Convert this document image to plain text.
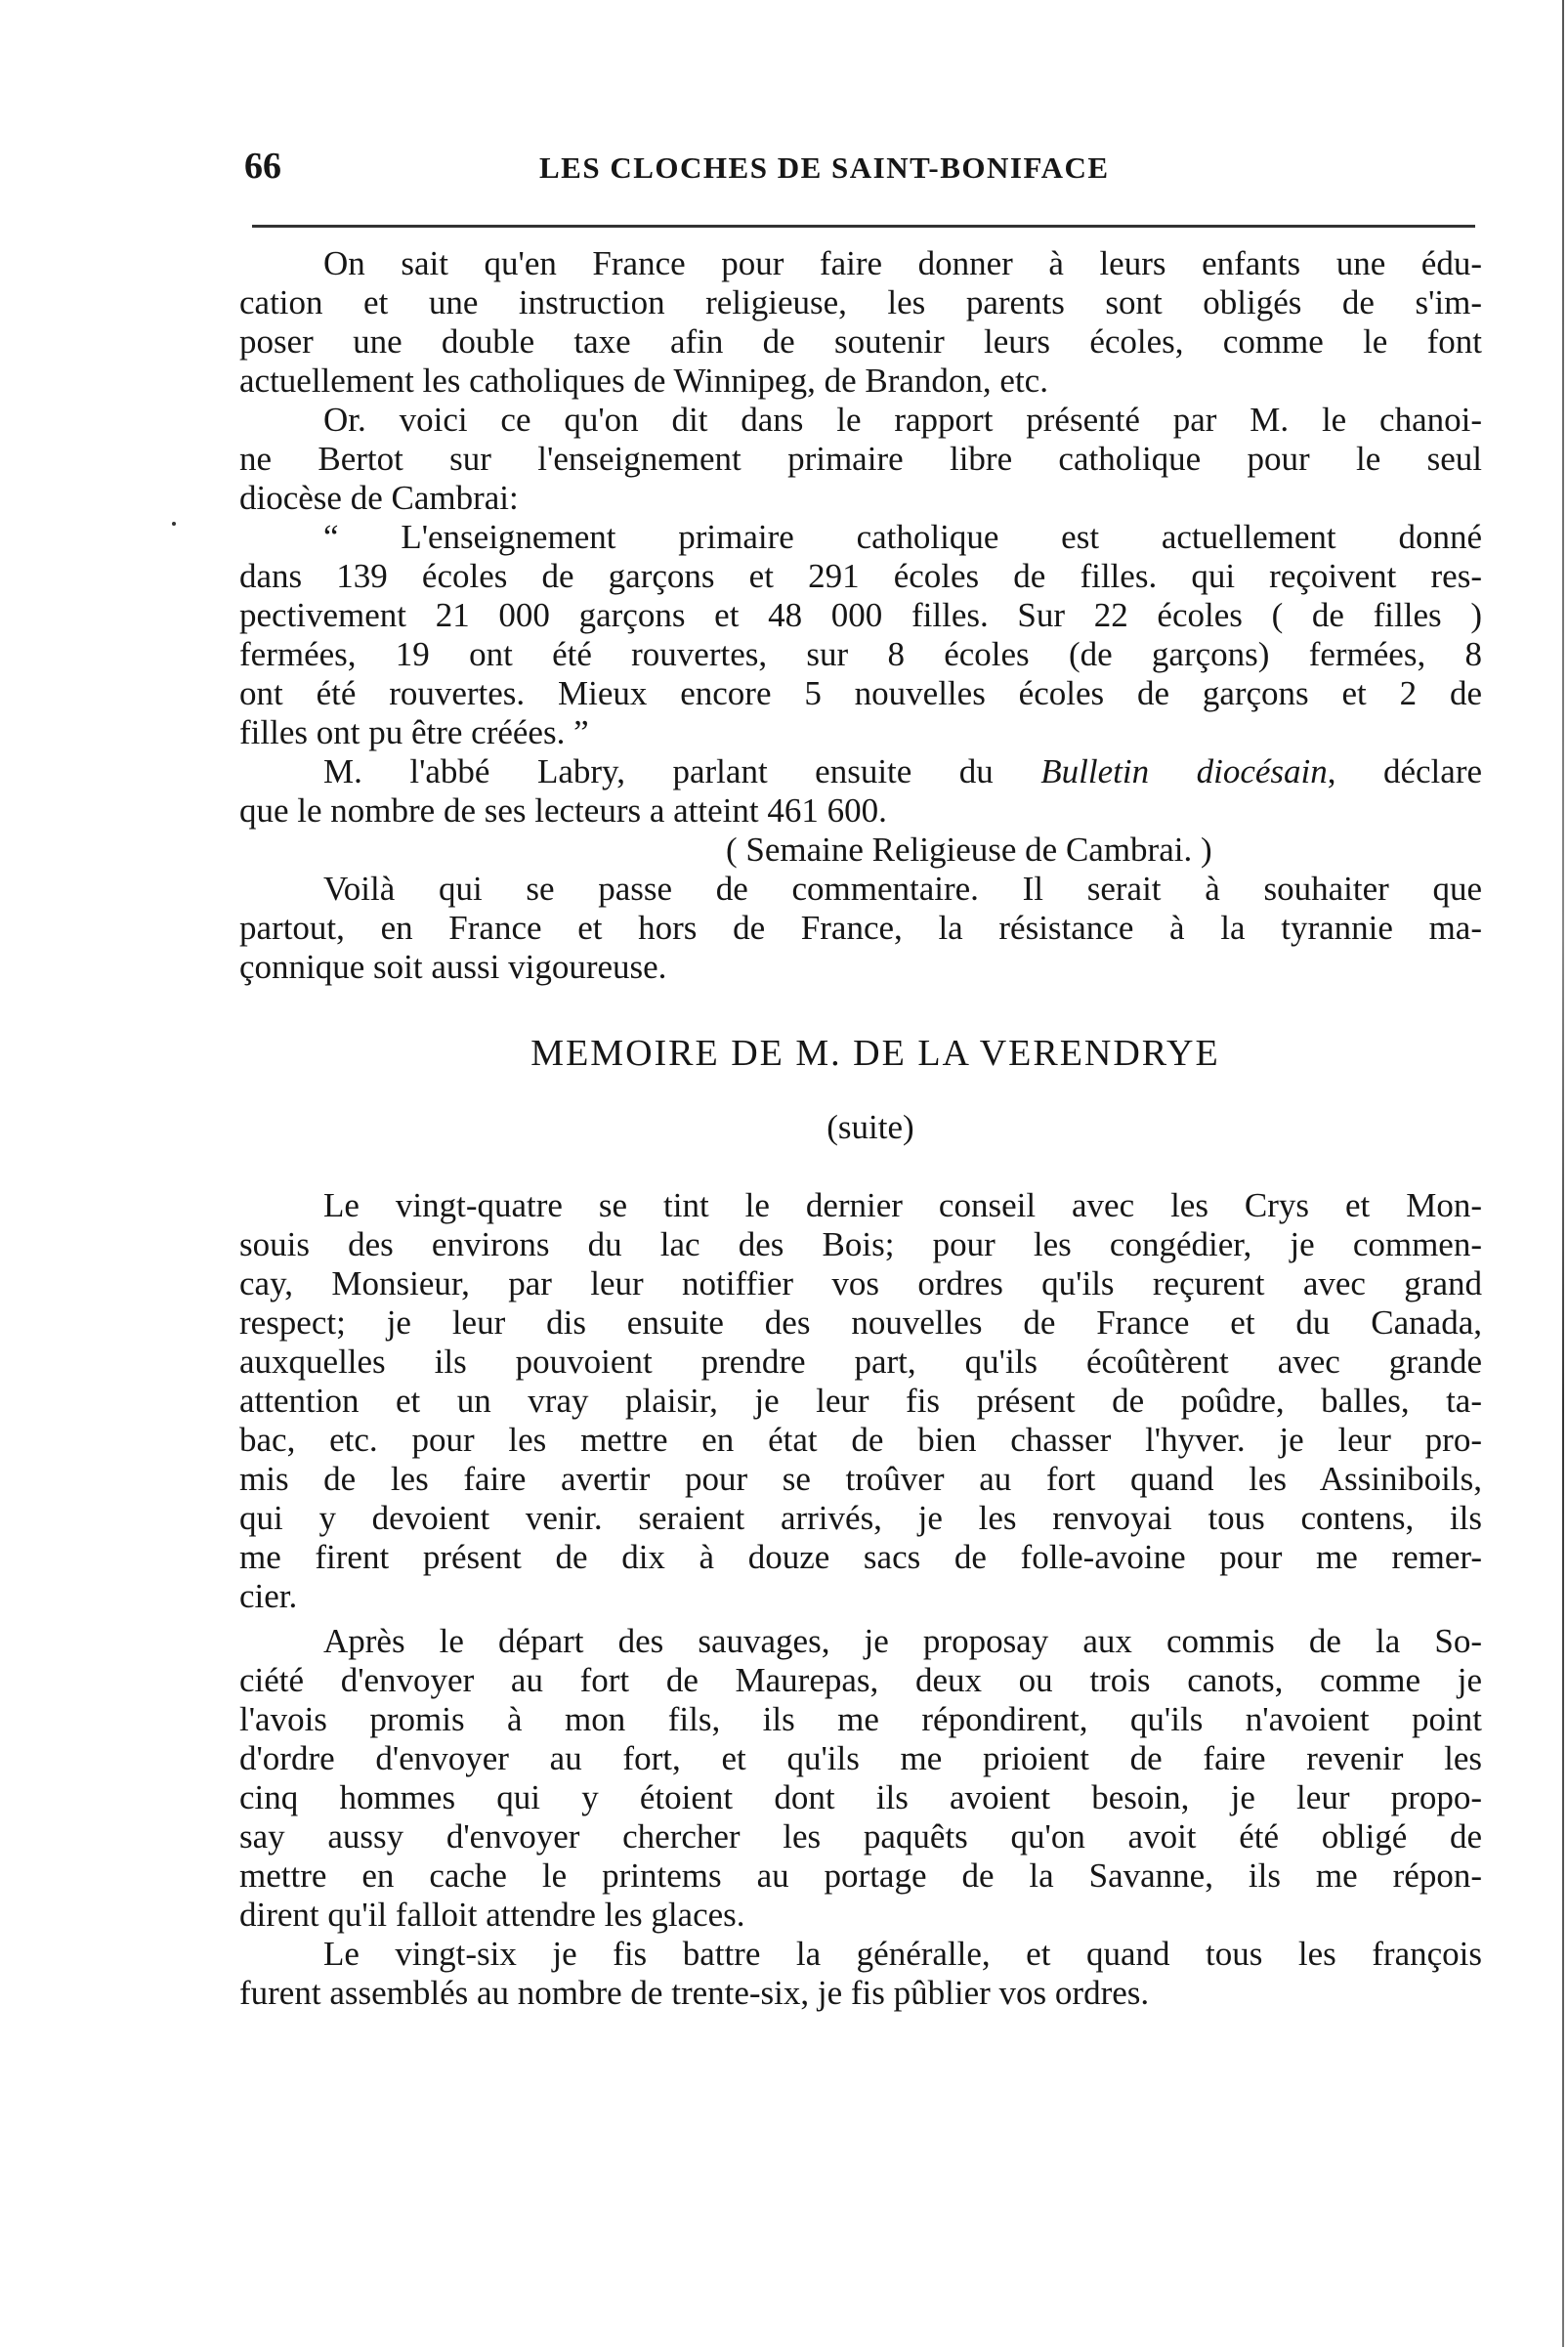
66	LES CLOCHES DE SAINT-BONIFACE
On sait qu'en France pour faire donner à leurs enfants une édu-
cation et une instruction religieuse, les parents sont obligés de s'im-
poser une double taxe afin de soutenir leurs écoles, comme le font
actuellement les catholiques de Winnipeg, de Brandon, etc.
Or. voici ce qu'on dit dans le rapport présenté par M. le chanoi-
ne Bertot sur l'enseignement primaire libre catholique pour le seul
diocèse de Cambrai:
“ L'enseignement primaire catholique est actuellement donné
dans 139 écoles de garçons et 291 écoles de filles. qui reçoivent res-
pectivement 21 000 garçons et 48 000 filles. Sur 22 écoles ( de filles )
fermées, 19 ont été rouvertes, sur 8 écoles (de garçons) fermées, 8
ont été rouvertes. Mieux encore 5 nouvelles écoles de garçons et 2 de
filles ont pu être créées. ”
M. l'abbé Labry, parlant ensuite du Bulletin diocésain, déclare
que le nombre de ses lecteurs a atteint 461 600.
( Semaine Religieuse de Cambrai. )
Voilà qui se passe de commentaire. Il serait à souhaiter que
partout, en France et hors de France, la résistance à la tyrannie ma-
çonnique soit aussi vigoureuse.
MEMOIRE DE M. DE LA VERENDRYE
(suite)
Le vingt-quatre se tint le dernier conseil avec les Crys et Mon-
souis des environs du lac des Bois; pour les congédier, je commen-
cay, Monsieur, par leur notiffier vos ordres qu'ils reçurent avec grand
respect; je leur dis ensuite des nouvelles de France et du Canada,
auxquelles ils pouvoient prendre part, qu'ils écoûtèrent avec grande
attention et un vray plaisir, je leur fis présent de poûdre, balles, ta-
bac, etc. pour les mettre en état de bien chasser l'hyver. je leur pro-
mis de les faire avertir pour se troûver au fort quand les Assiniboils,
qui y devoient venir. seraient arrivés, je les renvoyai tous contens, ils
me firent présent de dix à douze sacs de folle-avoine pour me remer-
cier.
Après le départ des sauvages, je proposay aux commis de la So-
ciété d'envoyer au fort de Maurepas, deux ou trois canots, comme je
l'avois promis à mon fils, ils me répondirent, qu'ils n'avoient point
d'ordre d'envoyer au fort, et qu'ils me prioient de faire revenir les
cinq hommes qui y étoient dont ils avoient besoin, je leur propo-
say aussy d'envoyer chercher les paquêts qu'on avoit été obligé de
mettre en cache le printems au portage de la Savanne, ils me répon-
dirent qu'il falloit attendre les glaces.
Le vingt-six je fis battre la généralle, et quand tous les françois
furent assemblés au nombre de trente-six, je fis pûblier vos ordres.
